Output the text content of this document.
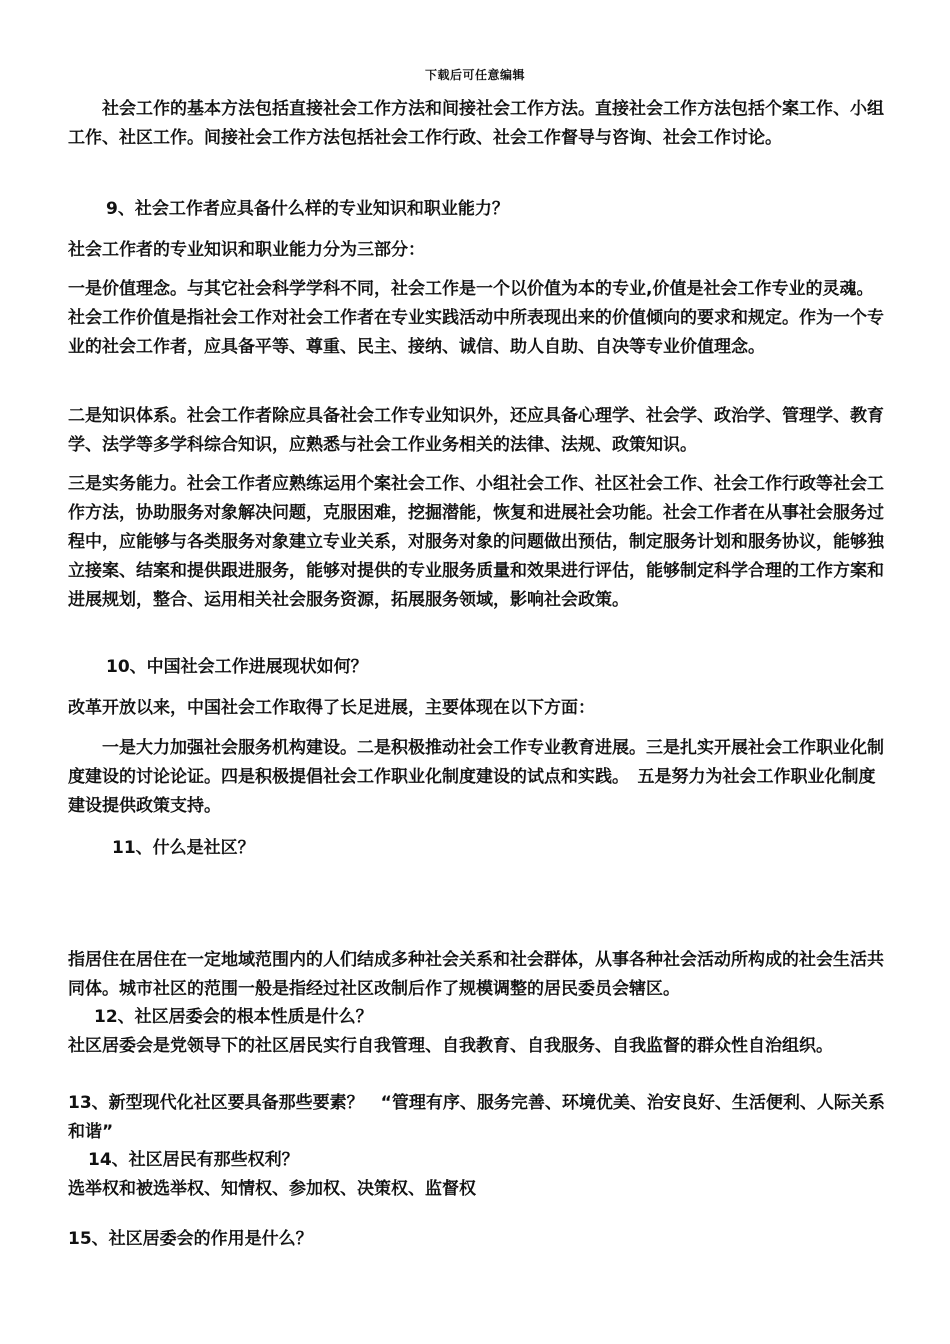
下载后可任意编辑

社会工作的基本方法包括直接社会工作方法和间接社会工作方法。直接社会工作方法包括个案工作、小组工作、社区工作。间接社会工作方法包括社会工作行政、社会工作督导与咨询、社会工作讨论。

9、社会工作者应具备什么样的专业知识和职业能力？

社会工作者的专业知识和职业能力分为三部分：

一是价值理念。与其它社会科学学科不同，社会工作是一个以价值为本的专业,价值是社会工作专业的灵魂。社会工作价值是指社会工作对社会工作者在专业实践活动中所表现出来的价值倾向的要求和规定。作为一个专业的社会工作者，应具备平等、尊重、民主、接纳、诚信、助人自助、自决等专业价值理念。

二是知识体系。社会工作者除应具备社会工作专业知识外，还应具备心理学、社会学、政治学、管理学、教育学、法学等多学科综合知识，应熟悉与社会工作业务相关的法律、法规、政策知识。

三是实务能力。社会工作者应熟练运用个案社会工作、小组社会工作、社区社会工作、社会工作行政等社会工作方法，协助服务对象解决问题，克服困难，挖掘潜能，恢复和进展社会功能。社会工作者在从事社会服务过程中，应能够与各类服务对象建立专业关系，对服务对象的问题做出预估，制定服务计划和服务协议，能够独立接案、结案和提供跟进服务，能够对提供的专业服务质量和效果进行评估，能够制定科学合理的工作方案和进展规划，整合、运用相关社会服务资源，拓展服务领域，影响社会政策。

10、中国社会工作进展现状如何？

改革开放以来，中国社会工作取得了长足进展，主要体现在以下方面：

一是大力加强社会服务机构建设。二是积极推动社会工作专业教育进展。三是扎实开展社会工作职业化制度建设的讨论论证。四是积极提倡社会工作职业化制度建设的试点和实践。　五是努力为社会工作职业化制度建设提供政策支持。

11、什么是社区？

指居住在居住在一定地域范围内的人们结成多种社会关系和社会群体，从事各种社会活动所构成的社会生活共同体。城市社区的范围一般是指经过社区改制后作了规模调整的居民委员会辖区。

12、社区居委会的根本性质是什么？

社区居委会是党领导下的社区居民实行自我管理、自我教育、自我服务、自我监督的群众性自治组织。

13、新型现代化社区要具备那些要素？　“管理有序、服务完善、环境优美、治安良好、生活便利、人际关系和谐”

14、社区居民有那些权利？

选举权和被选举权、知情权、参加权、决策权、监督权

15、社区居委会的作用是什么？
